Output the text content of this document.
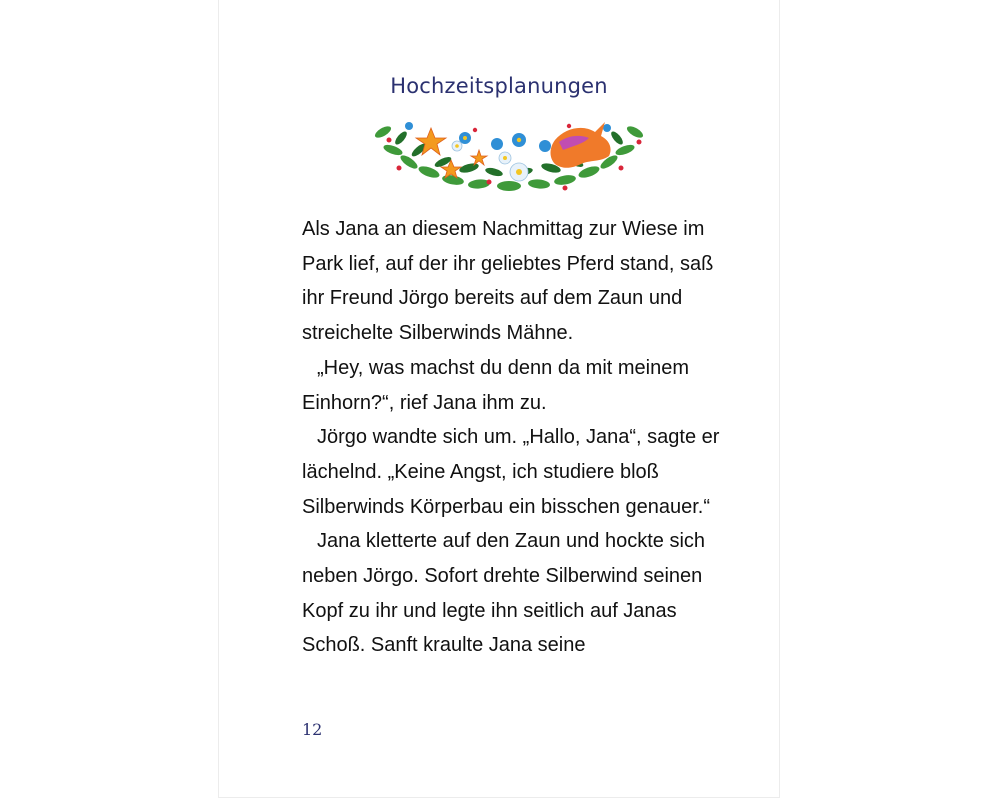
Hochzeitsplanungen

Als Jana an diesem Nachmittag zur Wiese im Park lief, auf der ihr geliebtes Pferd stand, saß ihr Freund Jörgo bereits auf dem Zaun und streichelte Silberwinds Mähne.

„Hey, was machst du denn da mit meinem Einhorn?“, rief Jana ihm zu.

Jörgo wandte sich um. „Hallo, Jana“, sagte er lächelnd. „Keine Angst, ich studiere bloß Silberwinds Körperbau ein bisschen genauer.“

Jana kletterte auf den Zaun und hockte sich neben Jörgo. Sofort drehte Silberwind seinen Kopf zu ihr und legte ihn seitlich auf Janas Schoß. Sanft kraulte Jana seine

12
